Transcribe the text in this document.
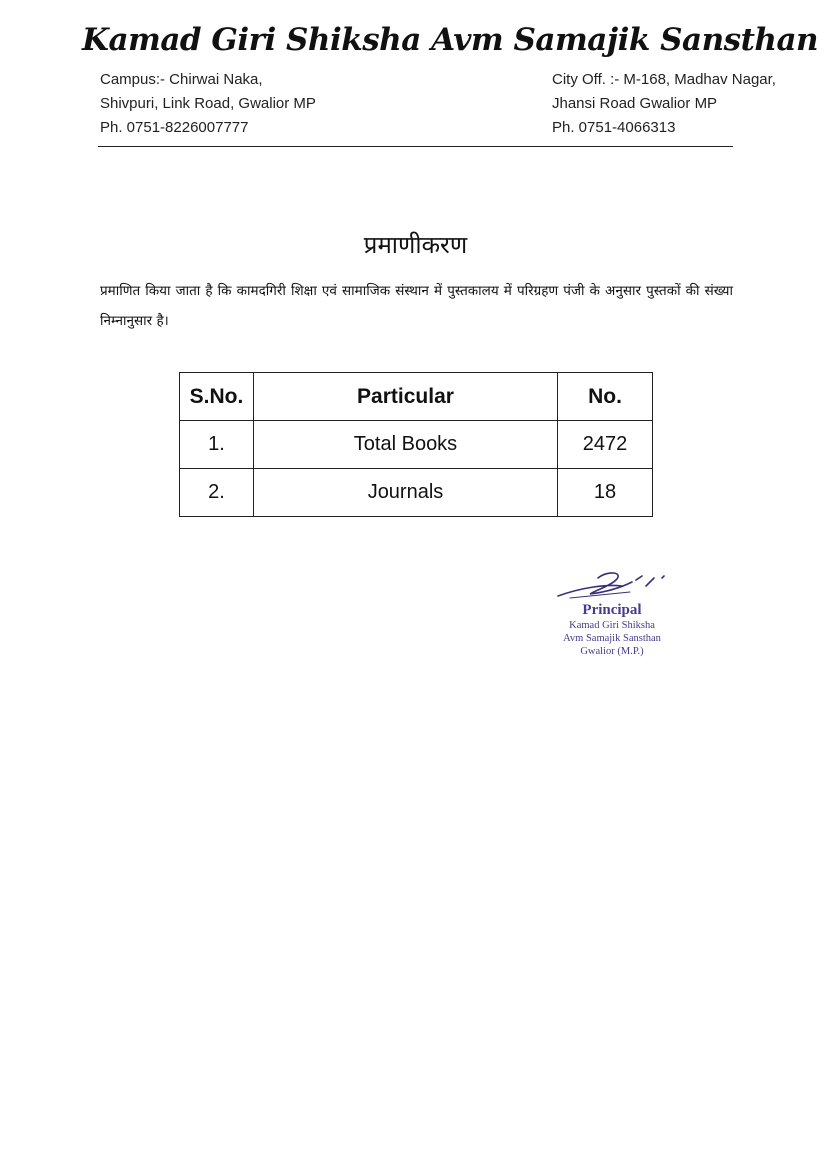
Kamad Giri Shiksha Avm Samajik Sansthan
Campus:- Chirwai Naka,
Shivpuri, Link Road, Gwalior MP
Ph. 0751-8226007777
City Off. :- M-168, Madhav Nagar,
Jhansi Road Gwalior MP
Ph. 0751-4066313
प्रमाणीकरण
प्रमाणित किया जाता है कि कामदगिरी शिक्षा एवं सामाजिक संस्थान में पुस्तकालय में परिग्रहण पंजी के अनुसार पुस्तकों की संख्या निम्नानुसार है।
S.No.	Particular	No.
1.	Total Books	2472
2.	Journals	18
Principal
Kamad Giri Shiksha
Avm Samajik Sansthan
Gwalior (M.P.)
